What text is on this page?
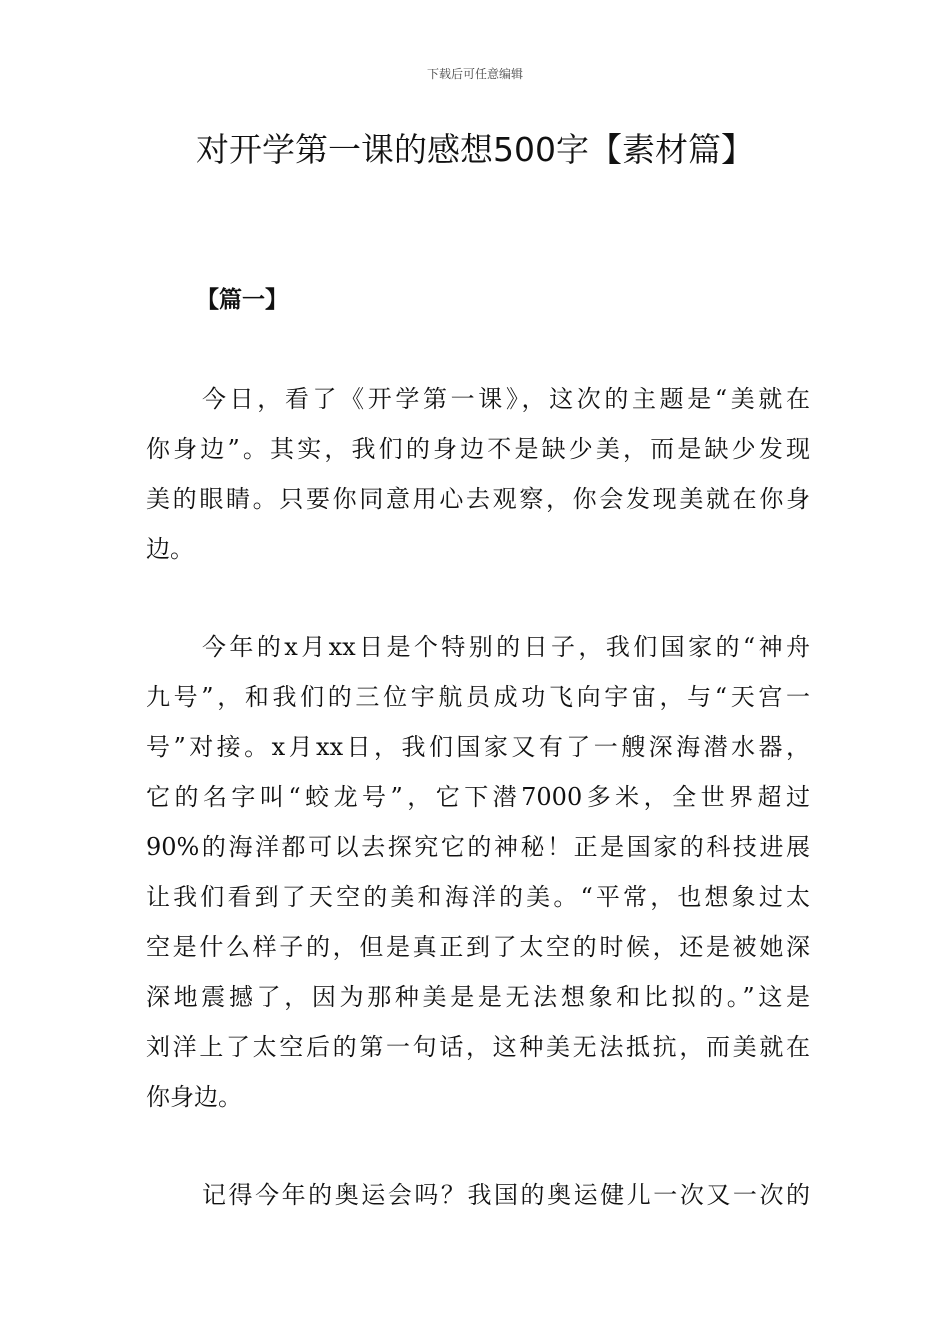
下载后可任意编辑
对开学第一课的感想500字【素材篇】
【篇一】
今日，看了《开学第一课》，这次的主题是“美就在
你身边”。其实，我们的身边不是缺少美，而是缺少发现
美的眼睛。只要你同意用心去观察，你会发现美就在你身
边。
今年的x月xx日是个特别的日子，我们国家的“神舟
九号”，和我们的三位宇航员成功飞向宇宙，与“天宫一
号”对接。x月xx日，我们国家又有了一艘深海潜水器，
它的名字叫“蛟龙号”，它下潜7000多米，全世界超过
90%的海洋都可以去探究它的神秘！正是国家的科技进展
让我们看到了天空的美和海洋的美。“平常，也想象过太
空是什么样子的，但是真正到了太空的时候，还是被她深
深地震撼了，因为那种美是是无法想象和比拟的。”这是
刘洋上了太空后的第一句话，这种美无法抵抗，而美就在
你身边。
记得今年的奥运会吗？我国的奥运健儿一次又一次的
